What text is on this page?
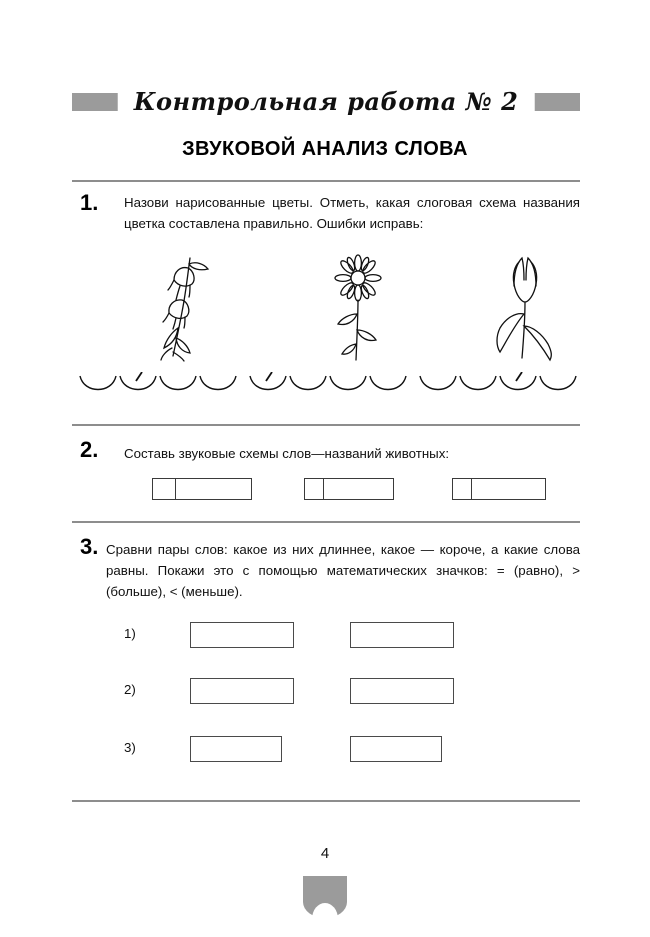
Контрольная работа № 2
ЗВУКОВОЙ АНАЛИЗ СЛОВА
1. Назови нарисованные цветы. Отметь, какая слоговая схема названия цветка составлена правильно. Ошибки исправь:
2. Составь звуковые схемы слов—названий животных:
3. Сравни пары слов: какое из них длиннее, какое — короче, а какие слова равны. Покажи это с помощью математических значков: = (равно), > (больше), < (меньше).
1)
2)
3)
4
